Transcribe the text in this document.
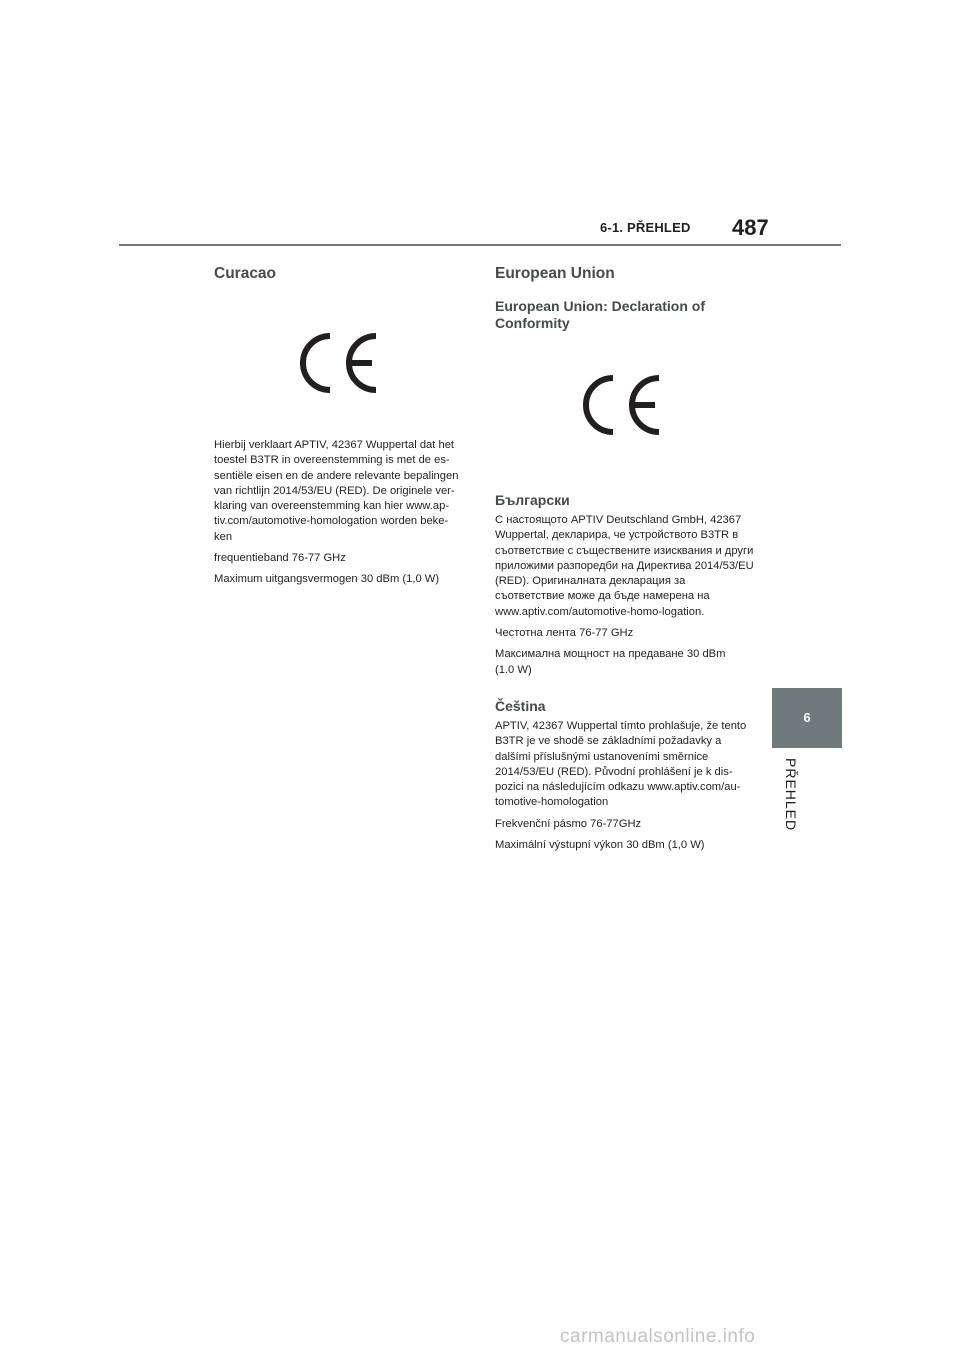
6-1. PŘEHLED 487
6
PŘEHLED
Curacao

Hierbij verklaart APTIV, 42367 Wuppertal dat het toestel B3TR in overeenstemming is met de es-sentiële eisen en de andere relevante bepalingen van richtlijn 2014/53/EU (RED). De originele ver-klaring van overeenstemming kan hier www.ap-tiv.com/automotive-homologation worden beke-ken

frequentieband 76-77 GHz

Maximum uitgangsvermogen 30 dBm (1,0 W)

European Union
European Union: Declaration of Conformity
Български

С настоящото APTIV Deutschland GmbH, 42367 Wuppertal, декларира, че устройството B3TR в съответствие с съществените изисквания и други приложими разпоредби на Директива 2014/53/EU (RED). Оригиналната декларация за съответствие може да бъде намерена на www.aptiv.com/automotive-homo-logation.

Честотна лента 76-77 GHz

Максимална мощност на предаване 30 dBm (1.0 W)

Čeština

APTIV, 42367 Wuppertal tímto prohlašuje, že tento B3TR je ve shodě se základními požadavky a dalšími příslušnými ustanoveními směrnice 2014/53/EU (RED). Původní prohlášení je k dis-pozici na následujícím odkazu www.aptiv.com/au-tomotive-homologation

Frekvenční pásmo 76-77GHz

Maximální výstupní výkon 30 dBm (1,0 W)

carmanualsonline.info
